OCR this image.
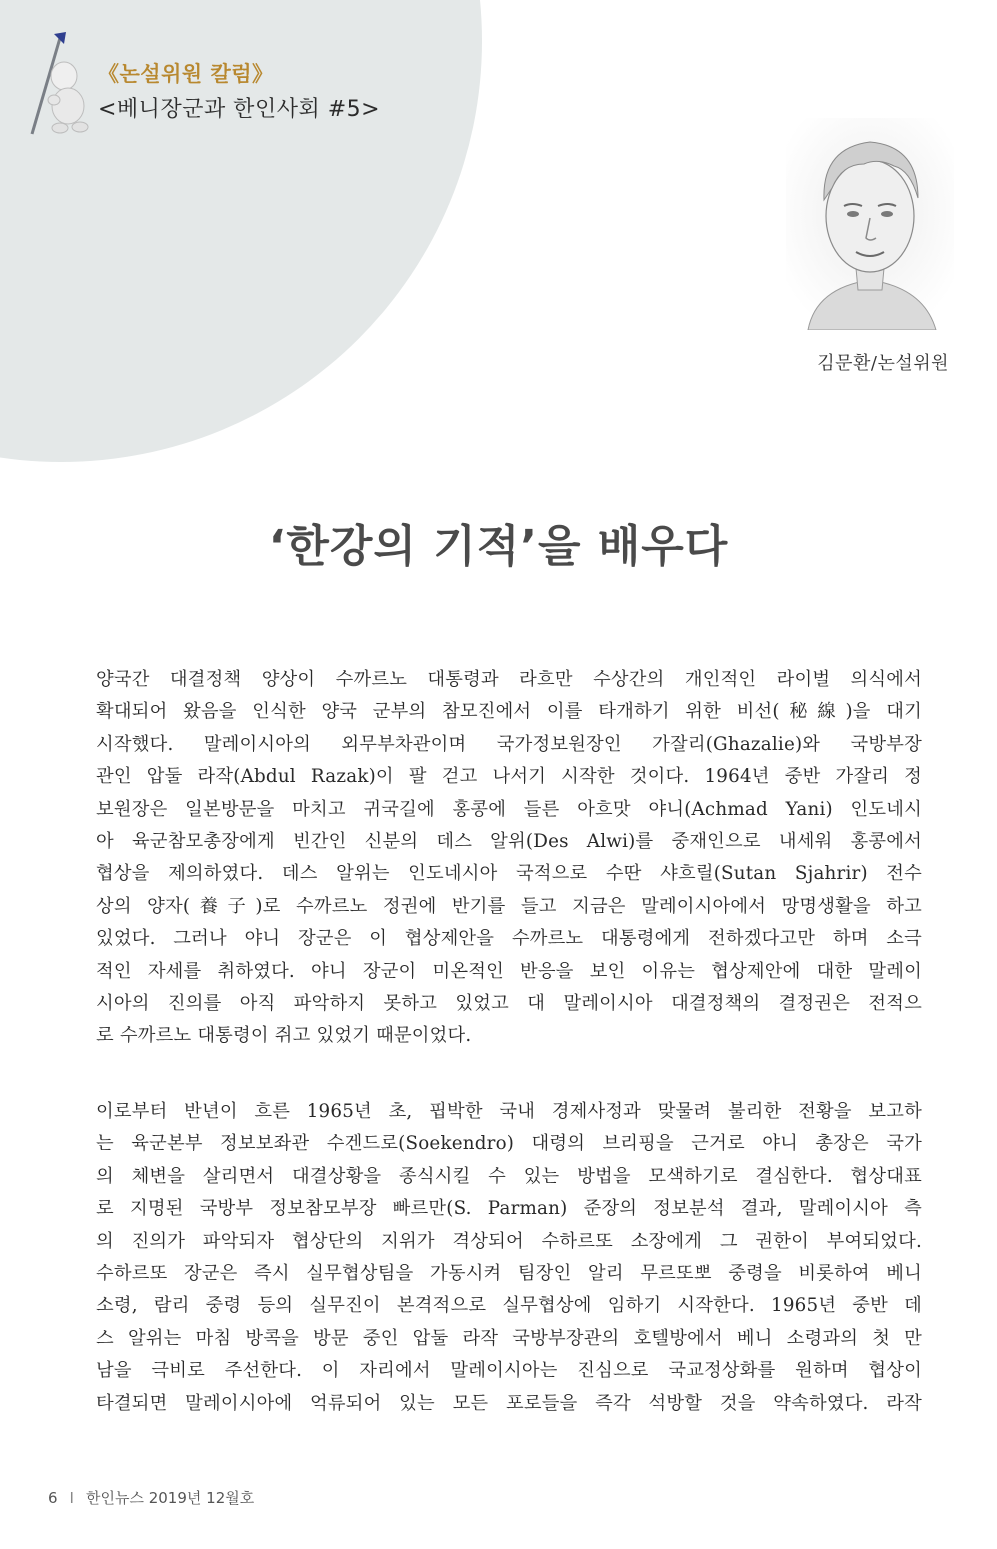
《논설위원 칼럼》
<베니장군과 한인사회 #5>
김문환/논설위원
‘한강의 기적’을 배우다
양국간 대결정책 양상이 수까르노 대통령과 라흐만 수상간의 개인적인 라이벌 의식에서
확대되어 왔음을 인식한 양국 군부의 참모진에서 이를 타개하기 위한 비선(秘線)을 대기
시작했다. 말레이시아의 외무부차관이며 국가정보원장인 가잘리(Ghazalie)와 국방부장
관인 압둘 라작(Abdul Razak)이 팔 걷고 나서기 시작한 것이다. 1964년 중반 가잘리 정
보원장은 일본방문을 마치고 귀국길에 홍콩에 들른 아흐맛 야니(Achmad Yani) 인도네시
아 육군참모총장에게 빈간인 신분의 데스 알위(Des Alwi)를 중재인으로 내세워 홍콩에서
협상을 제의하였다. 데스 알위는 인도네시아 국적으로 수딴 샤흐릴(Sutan Sjahrir) 전수
상의 양자(養子)로 수까르노 정권에 반기를 들고 지금은 말레이시아에서 망명생활을 하고
있었다. 그러나 야니 장군은 이 협상제안을 수까르노 대통령에게 전하겠다고만 하며 소극
적인 자세를 취하였다. 야니 장군이 미온적인 반응을 보인 이유는 협상제안에 대한 말레이
시아의 진의를 아직 파악하지 못하고 있었고 대 말레이시아 대결정책의 결정권은 전적으
로 수까르노 대통령이 쥐고 있었기 때문이었다.
이로부터 반년이 흐른 1965년 초, 핍박한 국내 경제사정과 맞물려 불리한 전황을 보고하
는 육군본부 정보보좌관 수겐드로(Soekendro) 대령의 브리핑을 근거로 야니 총장은 국가
의 체변을 살리면서 대결상황을 종식시킬 수 있는 방법을 모색하기로 결심한다. 협상대표
로 지명된 국방부 정보참모부장 빠르만(S. Parman) 준장의 정보분석 결과, 말레이시아 측
의 진의가 파악되자 협상단의 지위가 격상되어 수하르또 소장에게 그 권한이 부여되었다.
수하르또 장군은 즉시 실무협상팀을 가동시켜 팀장인 알리 무르또뽀 중령을 비롯하여 베니
소령, 람리 중령 등의 실무진이 본격적으로 실무협상에 임하기 시작한다. 1965년 중반 데
스 알위는 마침 방콕을 방문 중인 압둘 라작 국방부장관의 호텔방에서 베니 소령과의 첫 만
남을 극비로 주선한다. 이 자리에서 말레이시아는 진심으로 국교정상화를 원하며 협상이
타결되면 말레이시아에 억류되어 있는 모든 포로들을 즉각 석방할 것을 약속하였다. 라작
6 I 한인뉴스 2019년 12월호
